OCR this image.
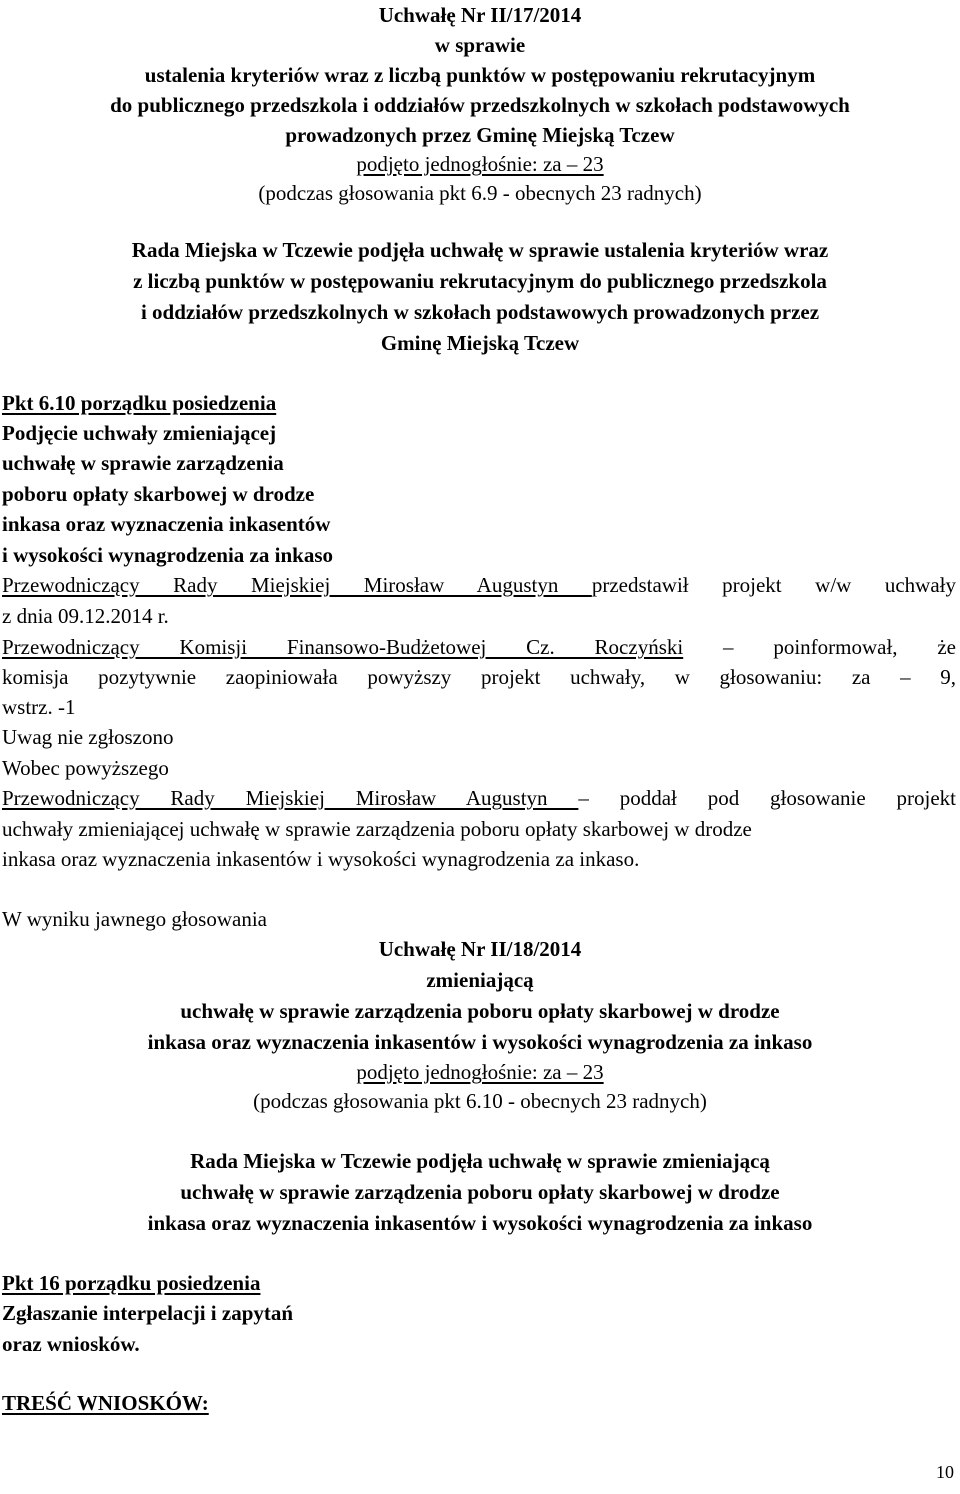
Uchwałę Nr II/17/2014
w sprawie
ustalenia kryteriów wraz z liczbą punktów w postępowaniu rekrutacyjnym
do publicznego przedszkola i oddziałów przedszkolnych w szkołach podstawowych
prowadzonych przez Gminę Miejską Tczew
podjęto jednogłośnie: za – 23
(podczas głosowania pkt 6.9 - obecnych 23 radnych)
Rada Miejska w Tczewie podjęła uchwałę w sprawie ustalenia kryteriów wraz
z liczbą punktów w postępowaniu rekrutacyjnym do publicznego przedszkola
i oddziałów przedszkolnych w szkołach podstawowych prowadzonych przez
Gminę Miejską Tczew
Pkt 6.10 porządku posiedzenia
Podjęcie uchwały zmieniającej
uchwałę w sprawie zarządzenia
poboru opłaty skarbowej w drodze
inkasa oraz wyznaczenia inkasentów
i wysokości wynagrodzenia za inkaso
Przewodniczący Rady Miejskiej Mirosław Augustyn przedstawił projekt w/w uchwały
z dnia 09.12.2014 r.
Przewodniczący Komisji Finansowo-Budżetowej Cz. Roczyński – poinformował, że
komisja pozytywnie zaopiniowała powyższy projekt uchwały, w głosowaniu: za – 9,
wstrz. -1
Uwag nie zgłoszono
Wobec powyższego
Przewodniczący Rady Miejskiej Mirosław Augustyn – poddał pod głosowanie projekt
uchwały zmieniającej uchwałę w sprawie zarządzenia poboru opłaty skarbowej w drodze
inkasa oraz wyznaczenia inkasentów i wysokości wynagrodzenia za inkaso.
W wyniku jawnego głosowania
Uchwałę Nr II/18/2014
zmieniającą
uchwałę w sprawie zarządzenia poboru opłaty skarbowej w drodze
inkasa oraz wyznaczenia inkasentów i wysokości wynagrodzenia za inkaso
podjęto jednogłośnie: za – 23
(podczas głosowania pkt 6.10 - obecnych 23 radnych)
Rada Miejska w Tczewie podjęła uchwałę w sprawie zmieniającą
uchwałę w sprawie zarządzenia poboru opłaty skarbowej w drodze
inkasa oraz wyznaczenia inkasentów i wysokości wynagrodzenia za inkaso
Pkt 16 porządku posiedzenia
Zgłaszanie interpelacji i zapytań
oraz wniosków.
TREŚĆ WNIOSKÓW:
10
